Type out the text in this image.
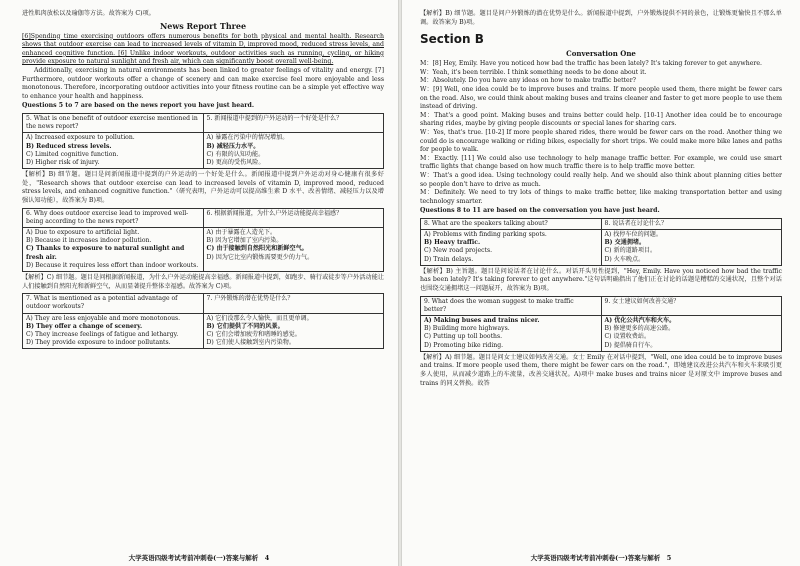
进性肌肉放松以及瑜伽等方法。故答案为 C)项。

News Report Three

[6]Spending time exercising outdoors offers numerous benefits for both physical and mental health. Research shows that outdoor exercise can lead to increased levels of vitamin D, improved mood, reduced stress levels, and enhanced cognitive function. [6] Unlike indoor workouts, outdoor activities such as running, cycling, or hiking provide exposure to natural sunlight and fresh air, which can significantly boost overall well-being.

Additionally, exercising in natural environments has been linked to greater feelings of vitality and energy. [7] Furthermore, outdoor workouts offer a change of scenery and can make exercise feel more enjoyable and less monotonous. Therefore, incorporating outdoor activities into your fitness routine can be a simple yet effective way to enhance your health and happiness.

Questions 5 to 7 are based on the news report you have just heard.

5. What is one benefit of outdoor exercise mentioned in the news report?	5. 新闻报道中提到的户外运动的一个好处是什么？

A) Increased exposure to pollution.
B) Reduced stress levels.
C) Limited cognitive function.
D) Higher risk of injury.	A) 暴露在污染中的情况增加。
B) 减轻压力水平。
C) 有限的认知功能。
D) 更高的受伤风险。

【解析】B) 细节题。题目是问新闻报道中提到的户外运动的一个好处是什么。新闻报道中提到户外运动对身心健康有很多好处，"Research shows that outdoor exercise can lead to increased levels of vitamin D, improved mood, reduced stress levels, and enhanced cognitive function."（研究表明，户外运动可以提高维生素 D 水平、改善情绪、减轻压力以及增强认知功能），故答案为 B)项。

6. Why does outdoor exercise lead to improved well-being according to the news report?	6. 根据新闻报道，为什么户外运动能提高幸福感？

A) Due to exposure to artificial light.
B) Because it increases indoor pollution.
C) Thanks to exposure to natural sunlight and fresh air.
D) Because it requires less effort than indoor workouts.	A) 由于暴露在人造光下。
B) 因为它增加了室内污染。
C) 由于接触到自然阳光和新鲜空气。
D) 因为它比室内锻炼需要更少的力气。

【解析】C) 细节题。题目是问根据新闻报道，为什么户外运动能提高幸福感。新闻报道中提到，如跑步、骑行或徒步等户外活动能让人们接触到自然阳光和新鲜空气，从而显著提升整体幸福感。故答案为 C)项。

7. What is mentioned as a potential advantage of outdoor workouts?	7. 户外锻炼的潜在优势是什么？

A) They are less enjoyable and more monotonous.
B) They offer a change of scenery.
C) They increase feelings of fatigue and lethargy.
D) They provide exposure to indoor pollutants.	A) 它们没那么令人愉快，而且更单调。
B) 它们提供了不同的风景。
C) 它们会增加疲劳和嗜睡的感觉。
D) 它们使人接触到室内污染物。
大学英语四级考试考前冲刺卷(一)答案与解析　4

【解析】B) 细节题。题目是问户外锻炼的潜在优势是什么。新闻报道中提到，户外锻炼提供不同的景色，让锻炼更愉快且不那么单调。故答案为 B)项。

Section B
Conversation One

M：[8] Hey, Emily. Have you noticed how bad the traffic has been lately? It's taking forever to get anywhere.

W：Yeah, it's been terrible. I think something needs to be done about it.

M：Absolutely. Do you have any ideas on how to make traffic better?

W：[9] Well, one idea could be to improve buses and trains. If more people used them, there might be fewer cars on the road. Also, we could think about making buses and trains cleaner and faster to get more people to use them instead of driving.

M：That's a good point. Making buses and trains better could help. [10-1] Another idea could be to encourage sharing rides, maybe by giving people discounts or special lanes for sharing cars.

W：Yes, that's true. [10-2] If more people shared rides, there would be fewer cars on the road. Another thing we could do is encourage walking or riding bikes, especially for short trips. We could make more bike lanes and paths for people to walk.

M：Exactly. [11] We could also use technology to help manage traffic better. For example, we could use smart traffic lights that change based on how much traffic there is to help traffic move better.

W：That's a good idea. Using technology could really help. And we should also think about planning cities better so people don't have to drive as much.

M：Definitely. We need to try lots of things to make traffic better, like making transportation better and using technology smarter.

Questions 8 to 11 are based on the conversation you have just heard.

8. What are the speakers talking about?	8. 说话者在讨论什么？

A) Problems with finding parking spots.
B) Heavy traffic.
C) New road projects.
D) Train delays.	A) 找停车位的问题。
B) 交通拥堵。
C) 新的道路项目。
D) 火车晚点。

【解析】B) 主旨题。题目是问说话者在讨论什么。对话开头男性提到，"Hey, Emily. Have you noticed how bad the traffic has been lately? It's taking forever to get anywhere."这句话明确指出了他们正在讨论的话题是糟糕的交通状况，且整个对话也围绕交通拥堵这一问题展开，故答案为 B)项。

9. What does the woman suggest to make traffic better?	9. 女士建议如何改善交通？

A) Making buses and trains nicer.
B) Building more highways.
C) Putting up toll booths.
D) Promoting bike riding.	A) 优化公共汽车和火车。
B) 修建更多的高速公路。
C) 设置收费站。
D) 提倡骑自行车。

【解析】A) 细节题。题目是问女士建议如何改善交通。女士 Emily 在对话中提到，"Well, one idea could be to improve buses and trains. If more people used them, there might be fewer cars on the road."，即她建议改进公共汽车和火车来吸引更多人使用，从而减少道路上的车流量，改善交通状况。A)项中 make buses and trains nicer 是对原文中 improve buses and trains 的同义替换。故答

大学英语四级考试考前冲刺卷(一)答案与解析　5
